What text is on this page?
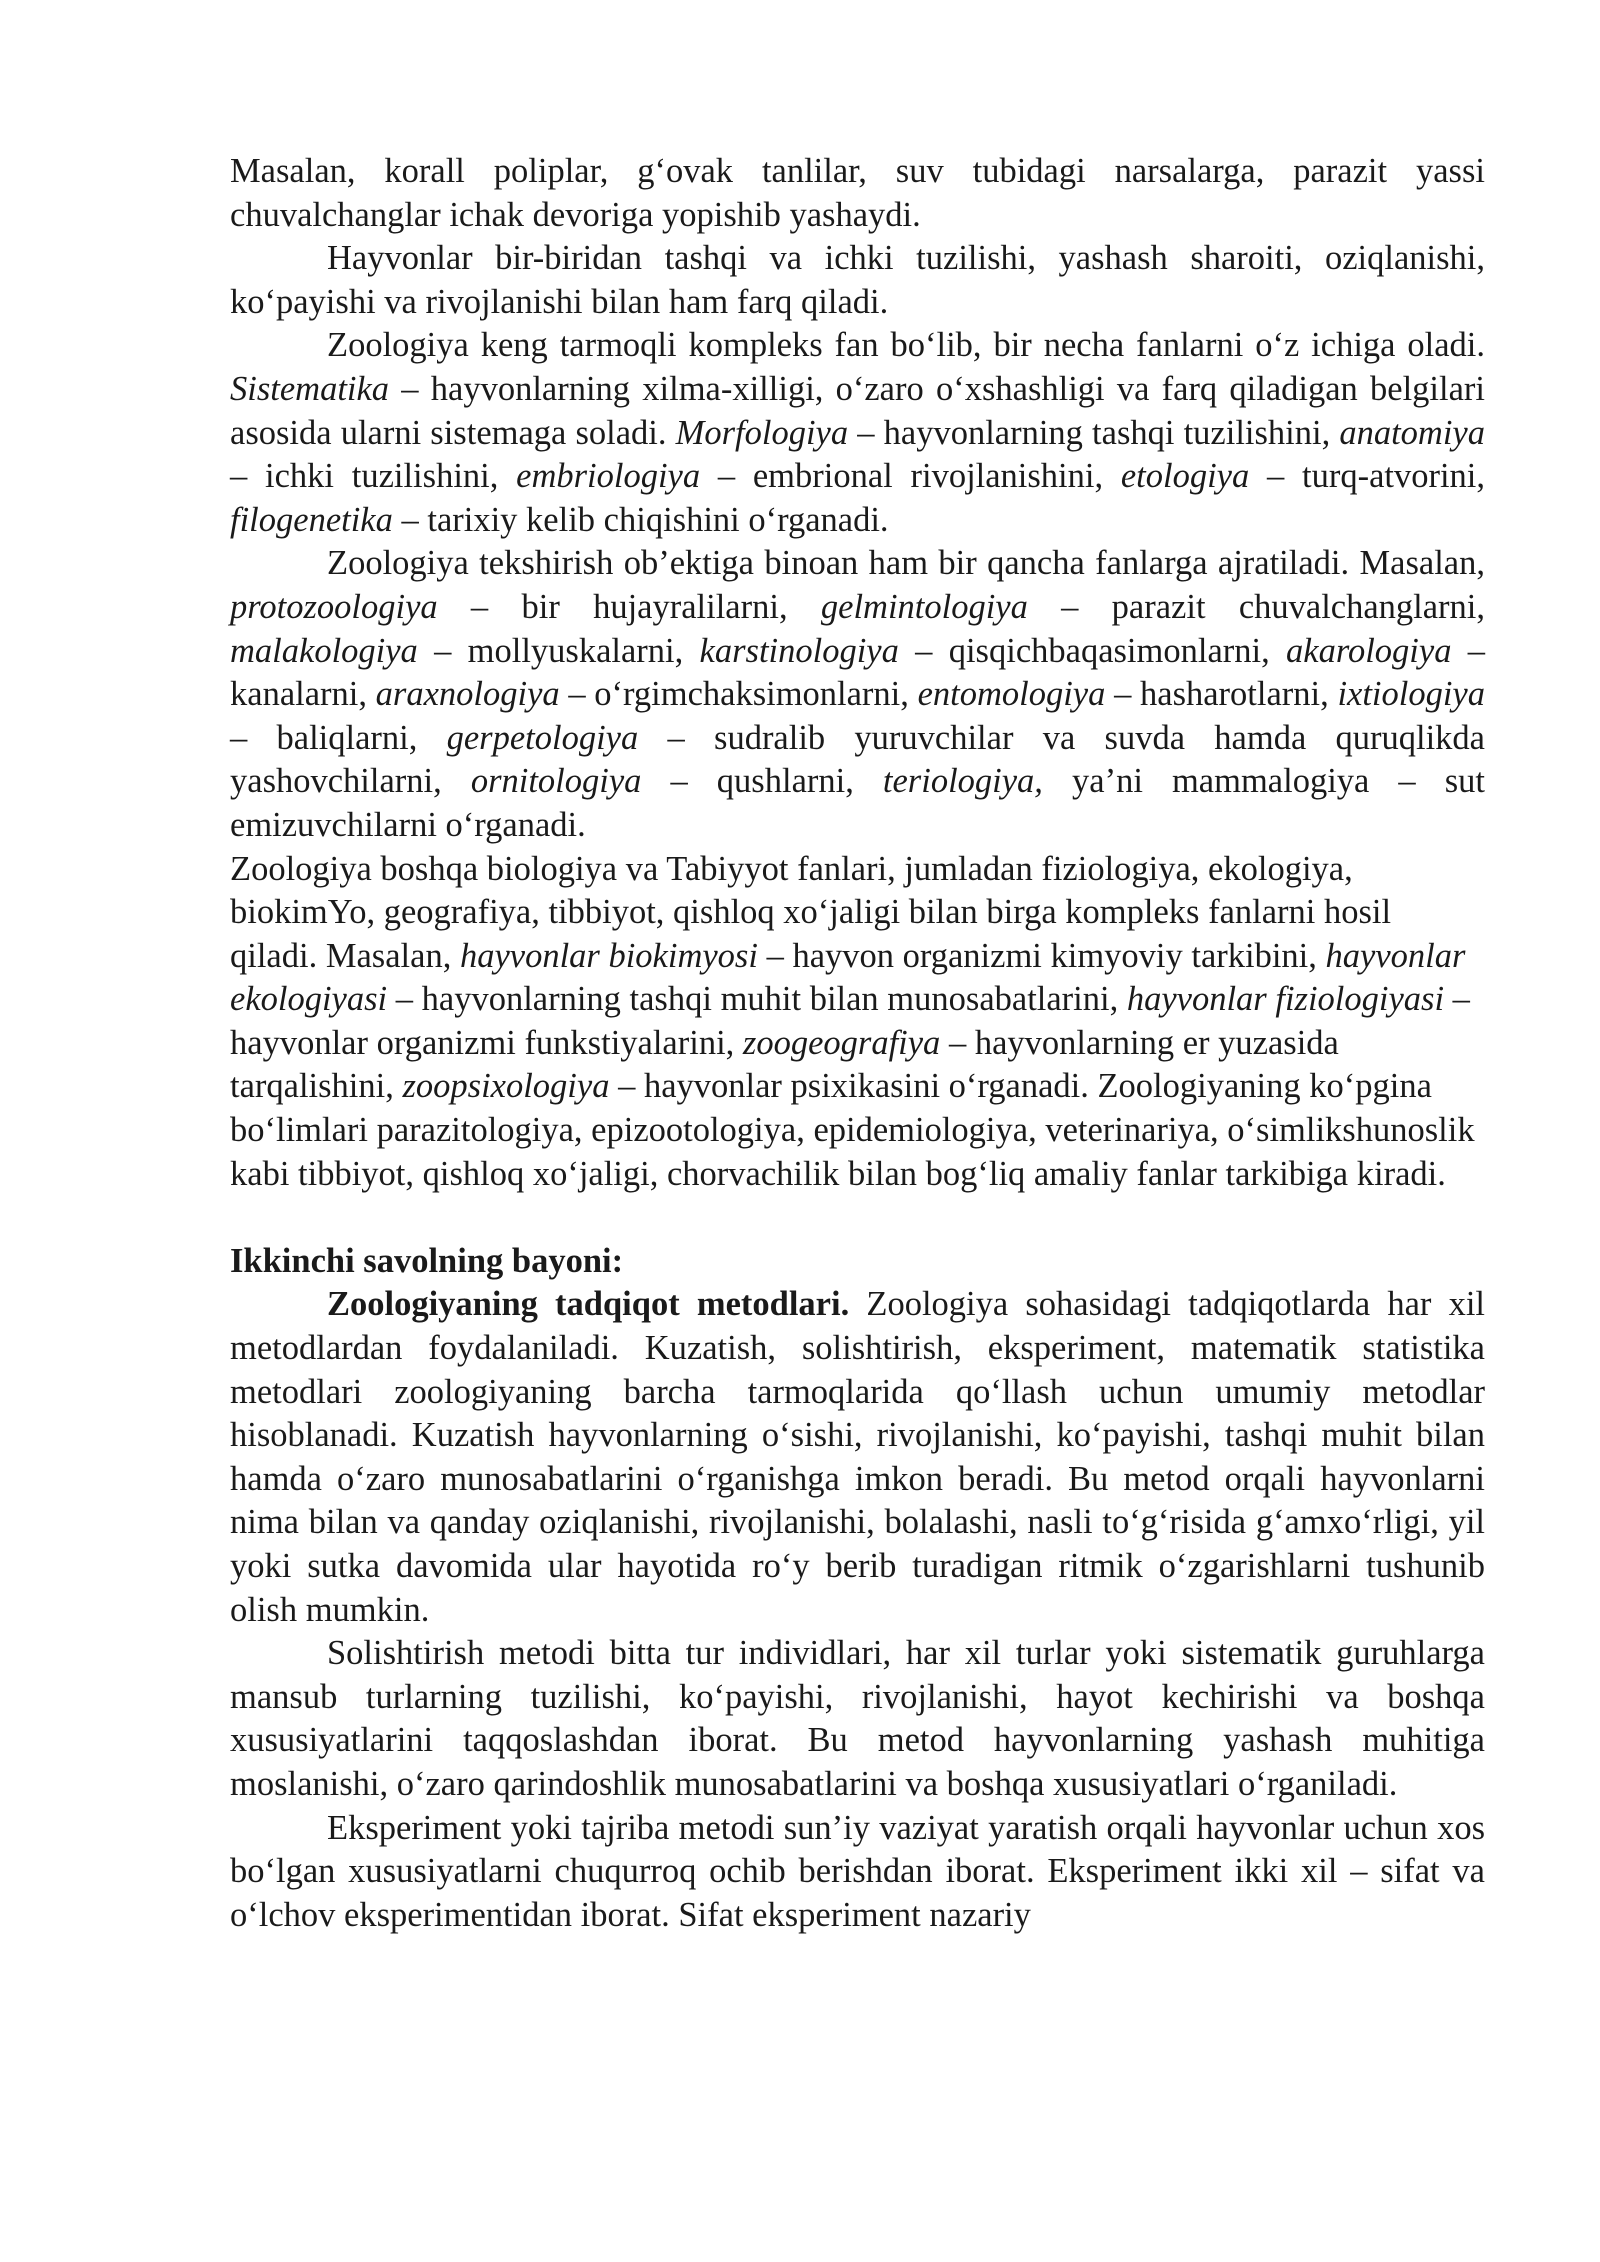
Masalan, korall poliplar, g‘ovak tanlilar, suv tubidagi narsalarga, parazit yassi chuvalchanglar ichak devoriga yopishib yashaydi.

Hayvonlar bir-biridan tashqi va ichki tuzilishi, yashash sharoiti, oziqlanishi, ko‘payishi va rivojlanishi bilan ham farq qiladi.

Zoologiya keng tarmoqli kompleks fan bo‘lib, bir necha fanlarni o‘z ichiga oladi. Sistematika – hayvonlarning xilma-xilligi, o‘zaro o‘xshashligi va farq qiladigan belgilari asosida ularni sistemaga soladi. Morfologiya – hayvonlarning tashqi tuzilishini, anatomiya – ichki tuzilishini, embriologiya – embrional rivojlanishini, etologiya – turq-atvorini, filogenetika – tarixiy kelib chiqishini o‘rganadi.

Zoologiya tekshirish ob’ektiga binoan ham bir qancha fanlarga ajratiladi. Masalan, protozoologiya – bir hujayralilarni, gelmintologiya – parazit chuvalchanglarni, malakologiya – mollyuskalarni, karstinologiya – qisqichbaqasimonlarni, akarologiya – kanalarni, araxnologiya – o‘rgimchaksimonlarni, entomologiya – hasharotlarni, ixtiologiya – baliqlarni, gerpetologiya – sudralib yuruvchilar va suvda hamda quruqlikda yashovchilarni, ornitologiya – qushlarni, teriologiya, ya’ni mammalogiya – sut emizuvchilarni o‘rganadi.

Zoologiya boshqa biologiya va Tabiyyot fanlari, jumladan fiziologiya, ekologiya, biokimYo, geografiya, tibbiyot, qishloq xo‘jaligi bilan birga kompleks fanlarni hosil qiladi. Masalan, hayvonlar biokimyosi – hayvon organizmi kimyoviy tarkibini, hayvonlar ekologiyasi – hayvonlarning tashqi muhit bilan munosabatlarini, hayvonlar fiziologiyasi – hayvonlar organizmi funkstiyalarini, zoogeografiya – hayvonlarning er yuzasida tarqalishini, zoopsixologiya – hayvonlar psixikasini o‘rganadi. Zoologiyaning ko‘pgina bo‘limlari parazitologiya, epizootologiya, epidemiologiya, veterinariya, o‘simlikshunoslik kabi tibbiyot, qishloq xo‘jaligi, chorvachilik bilan bog‘liq amaliy fanlar tarkibiga kiradi.

Ikkinchi savolning bayoni:

Zoologiyaning tadqiqot metodlari. Zoologiya sohasidagi tadqiqotlarda har xil metodlardan foydalaniladi. Kuzatish, solishtirish, eksperiment, matematik statistika metodlari zoologiyaning barcha tarmoqlarida qo‘llash uchun umumiy metodlar hisoblanadi. Kuzatish hayvonlarning o‘sishi, rivojlanishi, ko‘payishi, tashqi muhit bilan hamda o‘zaro munosabatlarini o‘rganishga imkon beradi. Bu metod orqali hayvonlarni nima bilan va qanday oziqlanishi, rivojlanishi, bolalashi, nasli to‘g‘risida g‘amxo‘rligi, yil yoki sutka davomida ular hayotida ro‘y berib turadigan ritmik o‘zgarishlarni tushunib olish mumkin.

Solishtirish metodi bitta tur individlari, har xil turlar yoki sistematik guruhlarga mansub turlarning tuzilishi, ko‘payishi, rivojlanishi, hayot kechirishi va boshqa xususiyatlarini taqqoslashdan iborat. Bu metod hayvonlarning yashash muhitiga moslanishi, o‘zaro qarindoshlik munosabatlarini va boshqa xususiyatlari o‘rganiladi.

Eksperiment yoki tajriba metodi sun’iy vaziyat yaratish orqali hayvonlar uchun xos bo‘lgan xususiyatlarni chuqurroq ochib berishdan iborat. Eksperiment ikki xil – sifat va o‘lchov eksperimentidan iborat. Sifat eksperiment nazariy
